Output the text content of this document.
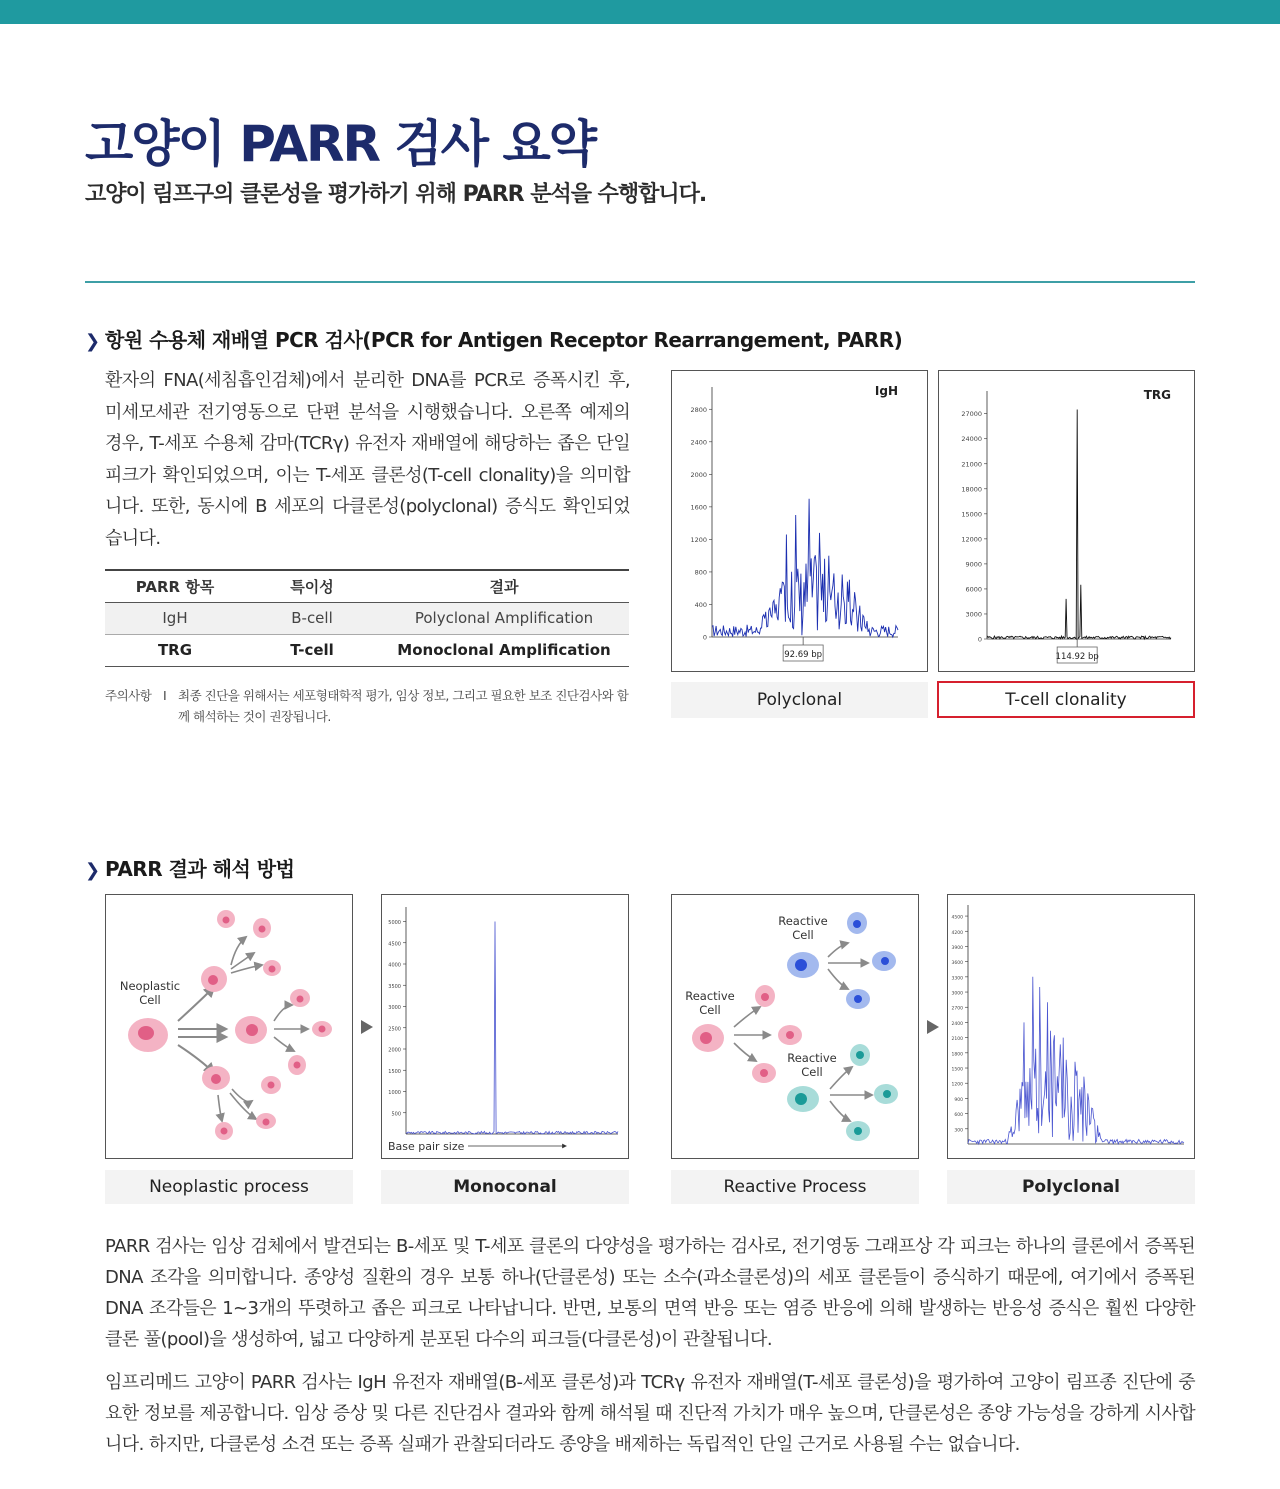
고양이 PARR 검사 요약
고양이 림프구의 클론성을 평가하기 위해 PARR 분석을 수행합니다.
❯ 항원 수용체 재배열 PCR 검사(PCR for Antigen Receptor Rearrangement, PARR)

환자의 FNA(세침흡인검체)에서 분리한 DNA를 PCR로 증폭시킨 후, 미세모세관 전기영동으로 단편 분석을 시행했습니다. 오른쪽 예제의 경우, T-세포 수용체 감마(TCRγ) 유전자 재배열에 해당하는 좁은 단일 피크가 확인되었으며, 이는 T-세포 클론성(T-cell clonality)을 의미합니다. 또한, 동시에 B 세포의 다클론성(polyclonal) 증식도 확인되었습니다.

PARR 항목	특이성	결과
IgH	B-cell	Polyclonal Amplification
TRG	T-cell	Monoclonal Amplification
주의사항 I 최종 진단을 위해서는 세포형태학적 평가, 임상 정보, 그리고 필요한 보조 진단검사와 함께 해석하는 것이 권장됩니다.
0
400
800
1200
1600
2000
2400
2800
IgH
92.69 bp
0
3000
6000
9000
12000
15000
18000
21000
24000
27000
TRG
114.92 bp
Polyclonal	T-cell clonality
❯ PARR 결과 해석 방법
Neoplastic Cell
500
1000
1500
2000
2500
3000
3500
4000
4500
5000
Base pair size
Reactive Cell
Reactive Cell
Reactive Cell
300
600
900
1200
1500
1800
2100
2400
2700
3000
3300
3600
3900
4200
4500
Neoplastic process	Monoconal	Reactive Process	Polyclonal

PARR 검사는 임상 검체에서 발견되는 B-세포 및 T-세포 클론의 다양성을 평가하는 검사로, 전기영동 그래프상 각 피크는 하나의 클론에서 증폭된 DNA 조각을 의미합니다. 종양성 질환의 경우 보통 하나(단클론성) 또는 소수(과소클론성)의 세포 클론들이 증식하기 때문에, 여기에서 증폭된 DNA 조각들은 1~3개의 뚜렷하고 좁은 피크로 나타납니다. 반면, 보통의 면역 반응 또는 염증 반응에 의해 발생하는 반응성 증식은 훨씬 다양한 클론 풀(pool)을 생성하여, 넓고 다양하게 분포된 다수의 피크들(다클론성)이 관찰됩니다.

임프리메드 고양이 PARR 검사는 IgH 유전자 재배열(B-세포 클론성)과 TCRγ 유전자 재배열(T-세포 클론성)을 평가하여 고양이 림프종 진단에 중요한 정보를 제공합니다. 임상 증상 및 다른 진단검사 결과와 함께 해석될 때 진단적 가치가 매우 높으며, 단클론성은 종양 가능성을 강하게 시사합니다. 하지만, 다클론성 소견 또는 증폭 실패가 관찰되더라도 종양을 배제하는 독립적인 단일 근거로 사용될 수는 없습니다.
